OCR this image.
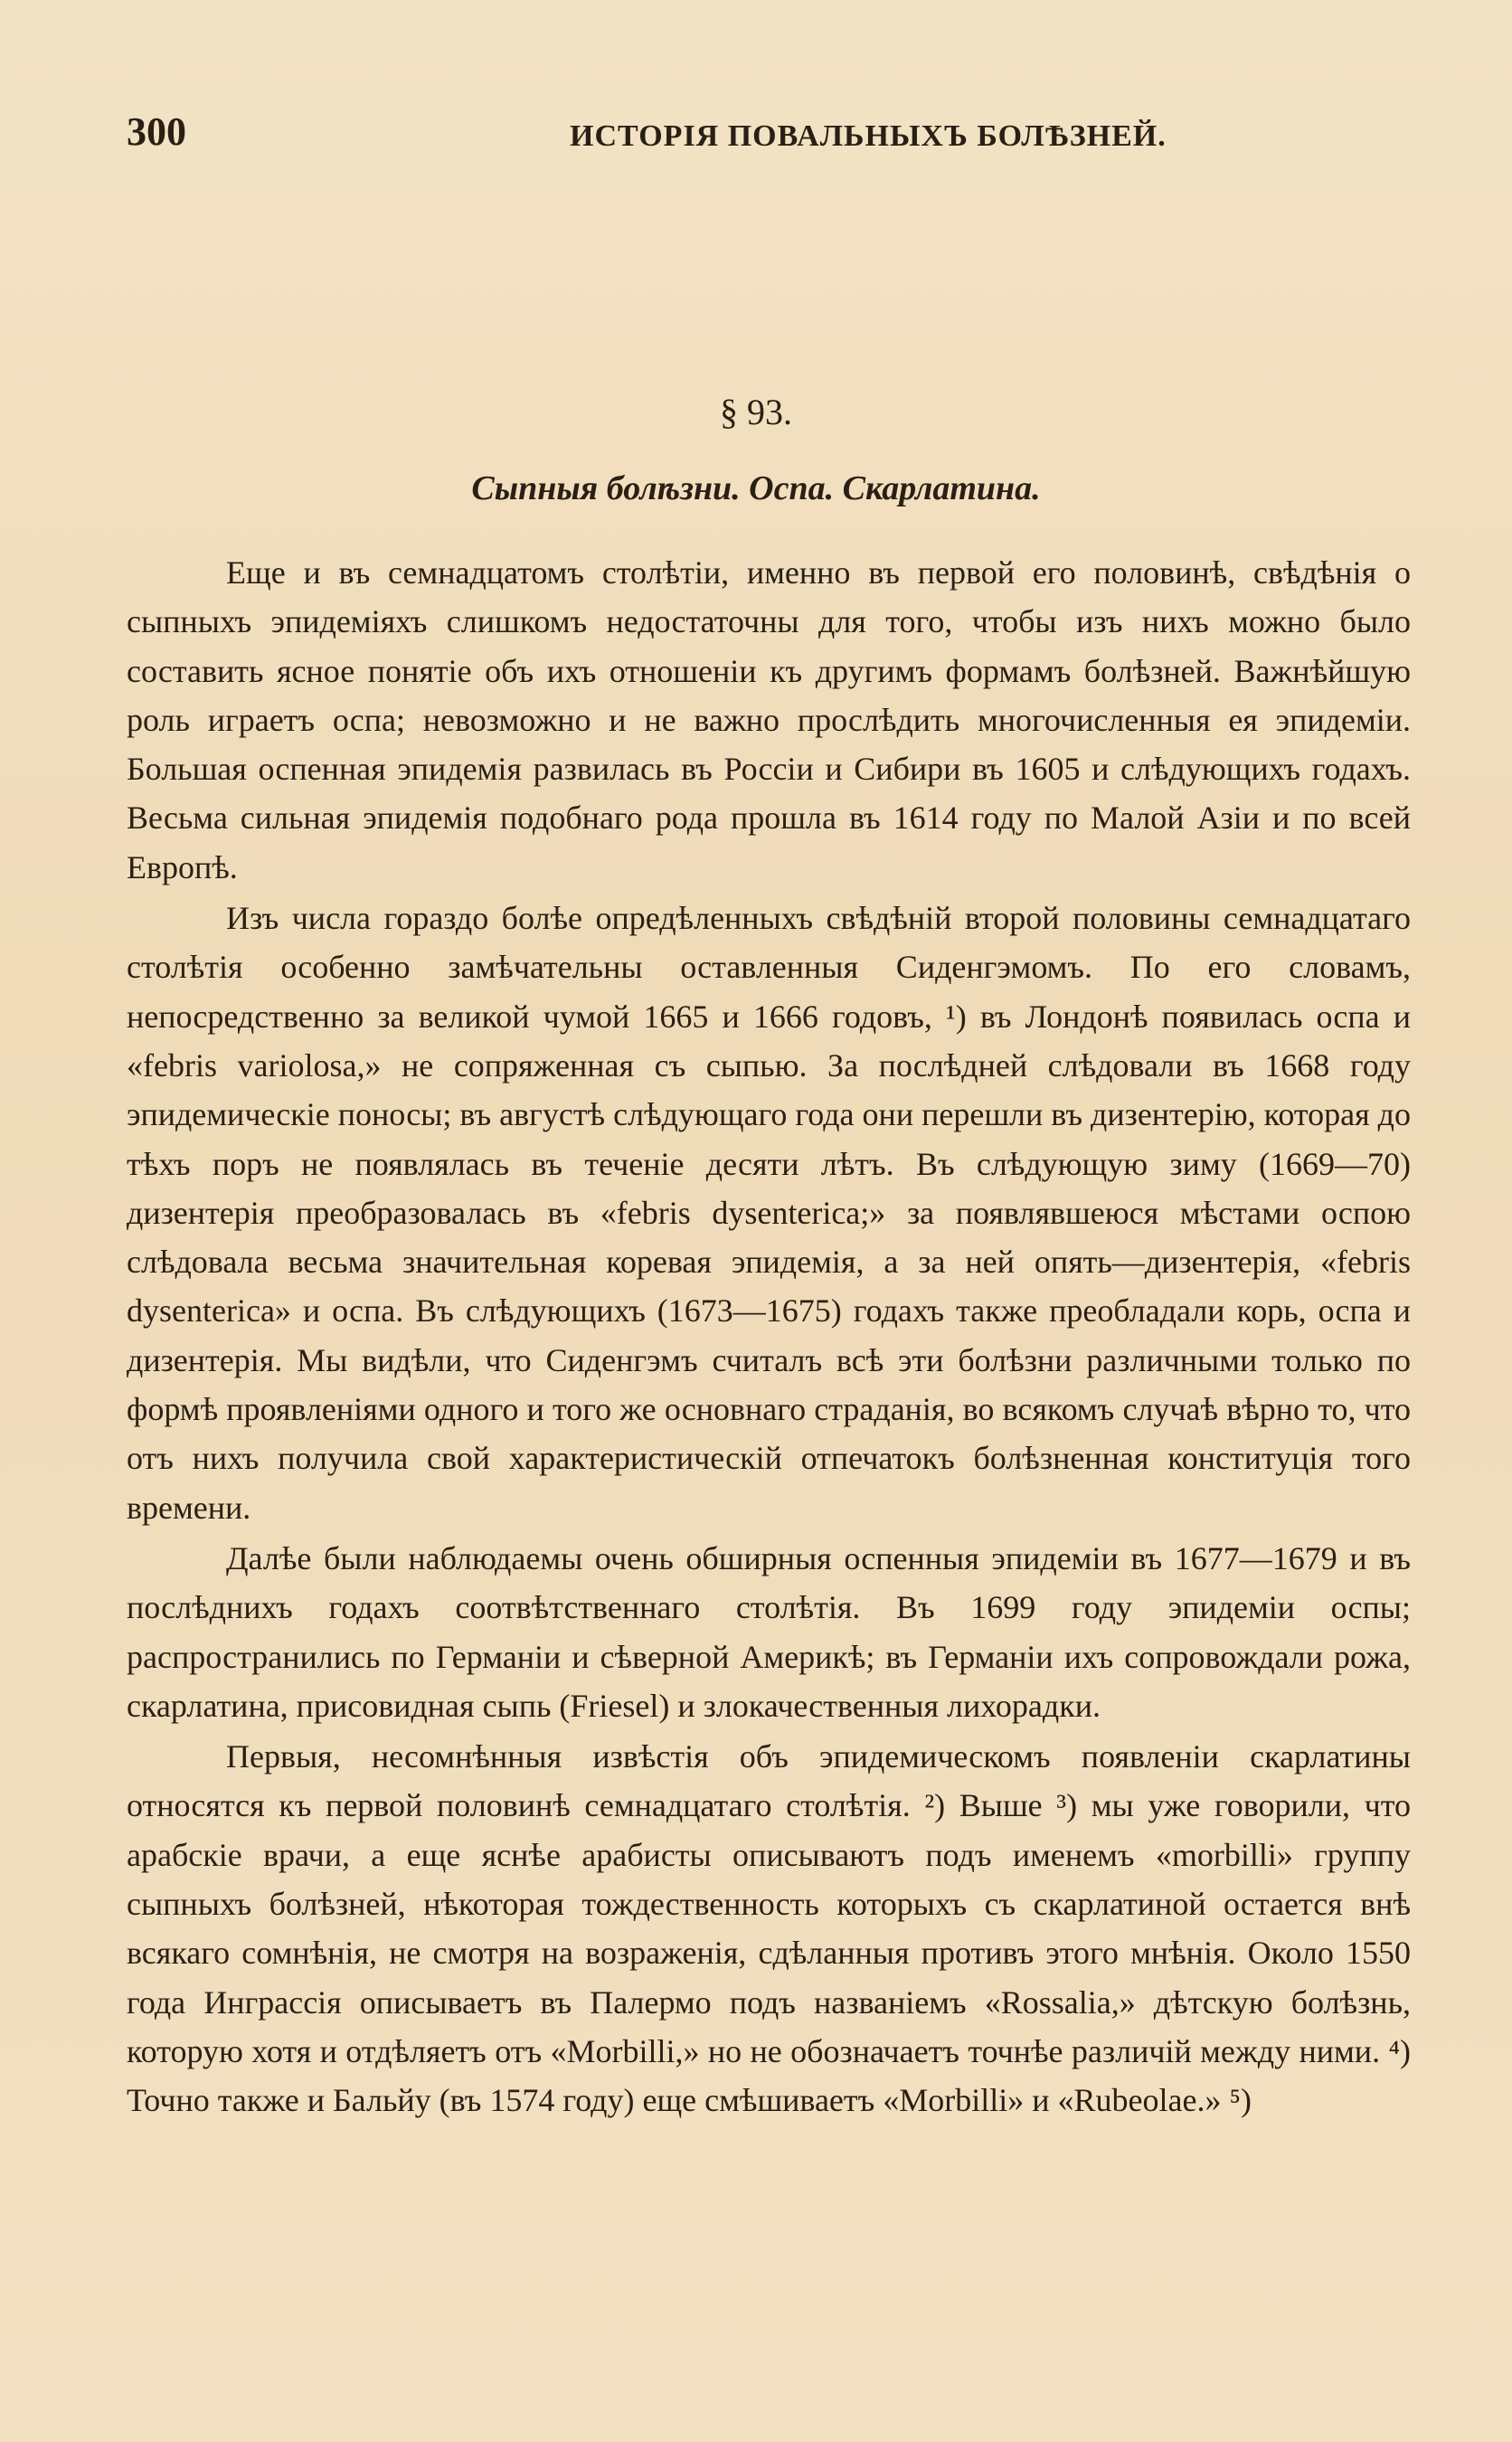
300	ИСТОРІЯ ПОВАЛЬНЫХЪ БОЛѢЗНЕЙ.
§ 93.
Сыпныя болѣзни. Оспа. Скарлатина.

Еще и въ семнадцатомъ столѣтіи, именно въ первой его половинѣ, свѣдѣнія о сыпныхъ эпидеміяхъ слишкомъ недостаточны для того, чтобы изъ нихъ можно было составить ясное понятіе объ ихъ отношеніи къ другимъ формамъ болѣзней. Важнѣйшую роль играетъ оспа; невозможно и не важно прослѣдить многочисленныя ея эпидеміи. Большая оспенная эпидемія развилась въ Россіи и Сибири въ 1605 и слѣдующихъ годахъ. Весьма сильная эпидемія подобнаго рода прошла въ 1614 году по Малой Азіи и по всей Европѣ.

Изъ числа гораздо болѣе опредѣленныхъ свѣдѣній второй половины семнадцатаго столѣтія особенно замѣчательны оставленныя Сиденгэмомъ. По его словамъ, непосредственно за великой чумой 1665 и 1666 годовъ, ¹) въ Лондонѣ появилась оспа и «febris variolosa,» не сопряженная съ сыпью. За послѣдней слѣдовали въ 1668 году эпидемическіе поносы; въ августѣ слѣдующаго года они перешли въ дизентерію, которая до тѣхъ поръ не появлялась въ теченіе десяти лѣтъ. Въ слѣдующую зиму (1669—70) дизентерія преобразовалась въ «febris dysenterica;» за появлявшеюся мѣстами оспою слѣдовала весьма значительная коревая эпидемія, а за ней опять—дизентерія, «febris dysenterica» и оспа. Въ слѣдующихъ (1673—1675) годахъ также преобладали корь, оспа и дизентерія. Мы видѣли, что Сиденгэмъ считалъ всѣ эти болѣзни различными только по формѣ проявленіями одного и того же основнаго страданія, во всякомъ случаѣ вѣрно то, что отъ нихъ получила свой характеристическій отпечатокъ болѣзненная конституція того времени.

Далѣе были наблюдаемы очень обширныя оспенныя эпидеміи въ 1677—1679 и въ послѣднихъ годахъ соотвѣтственнаго столѣтія. Въ 1699 году эпидеміи оспы; распространились по Германіи и сѣверной Америкѣ; въ Германіи ихъ сопровождали рожа, скарлатина, присовидная сыпь (Friesel) и злокачественныя лихорадки.

Первыя, несомнѣнныя извѣстія объ эпидемическомъ появленіи скарлатины относятся къ первой половинѣ семнадцатаго столѣтія. ²) Выше ³) мы уже говорили, что арабскіе врачи, а еще яснѣе арабисты описываютъ подъ именемъ «morbilli» группу сыпныхъ болѣзней, нѣкоторая тождественность которыхъ съ скарлатиной остается внѣ всякаго сомнѣнія, не смотря на возраженія, сдѣланныя противъ этого мнѣнія. Около 1550 года Инграссія описываетъ въ Палермо подъ названіемъ «Rossalia,» дѣтскую болѣзнь, которую хотя и отдѣляетъ отъ «Morbilli,» но не обозначаетъ точнѣе различій между ними. ⁴) Точно также и Бальйу (въ 1574 году) еще смѣшиваетъ «Morbilli» и «Rubeolae.» ⁵)
